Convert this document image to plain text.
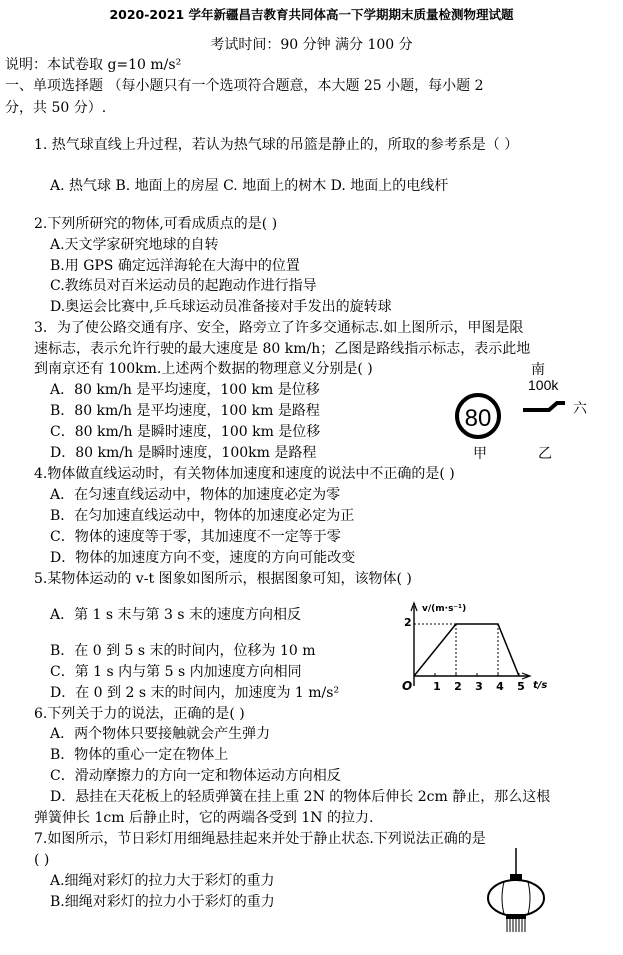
2020-2021 学年新疆昌吉教育共同体高一下学期期末质量检测物理试题
考试时间：90 分钟 满分 100 分
说明：本试卷取 g=10 m/s²
一、单项选择题 （每小题只有一个选项符合题意，本大题 25 小题，每小题 2
分，共 50 分）.
1. 热气球直线上升过程，若认为热气球的吊篮是静止的，所取的参考系是（ ）
A. 热气球 B. 地面上的房屋 C. 地面上的树木 D. 地面上的电线杆
2.下列所研究的物体,可看成质点的是( )
A.天文学家研究地球的自转
B.用 GPS 确定远洋海轮在大海中的位置
C.教练员对百米运动员的起跑动作进行指导
D.奥运会比赛中,乒乓球运动员准备接对手发出的旋转球
3．为了使公路交通有序、安全，路旁立了许多交通标志.如上图所示，甲图是限
速标志，表示允许行驶的最大速度是 80 km/h；乙图是路线指示标志，表示此地
到南京还有 100km.上述两个数据的物理意义分别是( )
A．80 km/h 是平均速度，100 km 是位移
B．80 km/h 是平均速度，100 km 是路程
C．80 km/h 是瞬时速度，100 km 是位移
D．80 km/h 是瞬时速度，100km 是路程
80
甲
南
100k
六
乙
4.物体做直线运动时，有关物体加速度和速度的说法中不正确的是( )
A．在匀速直线运动中，物体的加速度必定为零
B．在匀加速直线运动中，物体的加速度必定为正
C．物体的速度等于零，其加速度不一定等于零
D．物体的加速度方向不变，速度的方向可能改变
5.某物体运动的 v-t 图象如图所示，根据图象可知，该物体( )
A．第 1 s 末与第 3 s 末的速度方向相反
B．在 0 到 5 s 末的时间内，位移为 10 m
C．第 1 s 内与第 5 s 内加速度方向相同
D．在 0 到 2 s 末的时间内，加速度为 1 m/s²
v/(m·s⁻¹)
t/s
2
O 1 2 3 4 5
6.下列关于力的说法，正确的是( )
A．两个物体只要接触就会产生弹力
B．物体的重心一定在物体上
C．滑动摩擦力的方向一定和物体运动方向相反
D．悬挂在天花板上的轻质弹簧在挂上重 2N 的物体后伸长 2cm 静止，那么这根
弹簧伸长 1cm 后静止时，它的两端各受到 1N 的拉力.
7.如图所示，节日彩灯用细绳悬挂起来并处于静止状态.下列说法正确的是
( )
A.细绳对彩灯的拉力大于彩灯的重力
B.细绳对彩灯的拉力小于彩灯的重力
